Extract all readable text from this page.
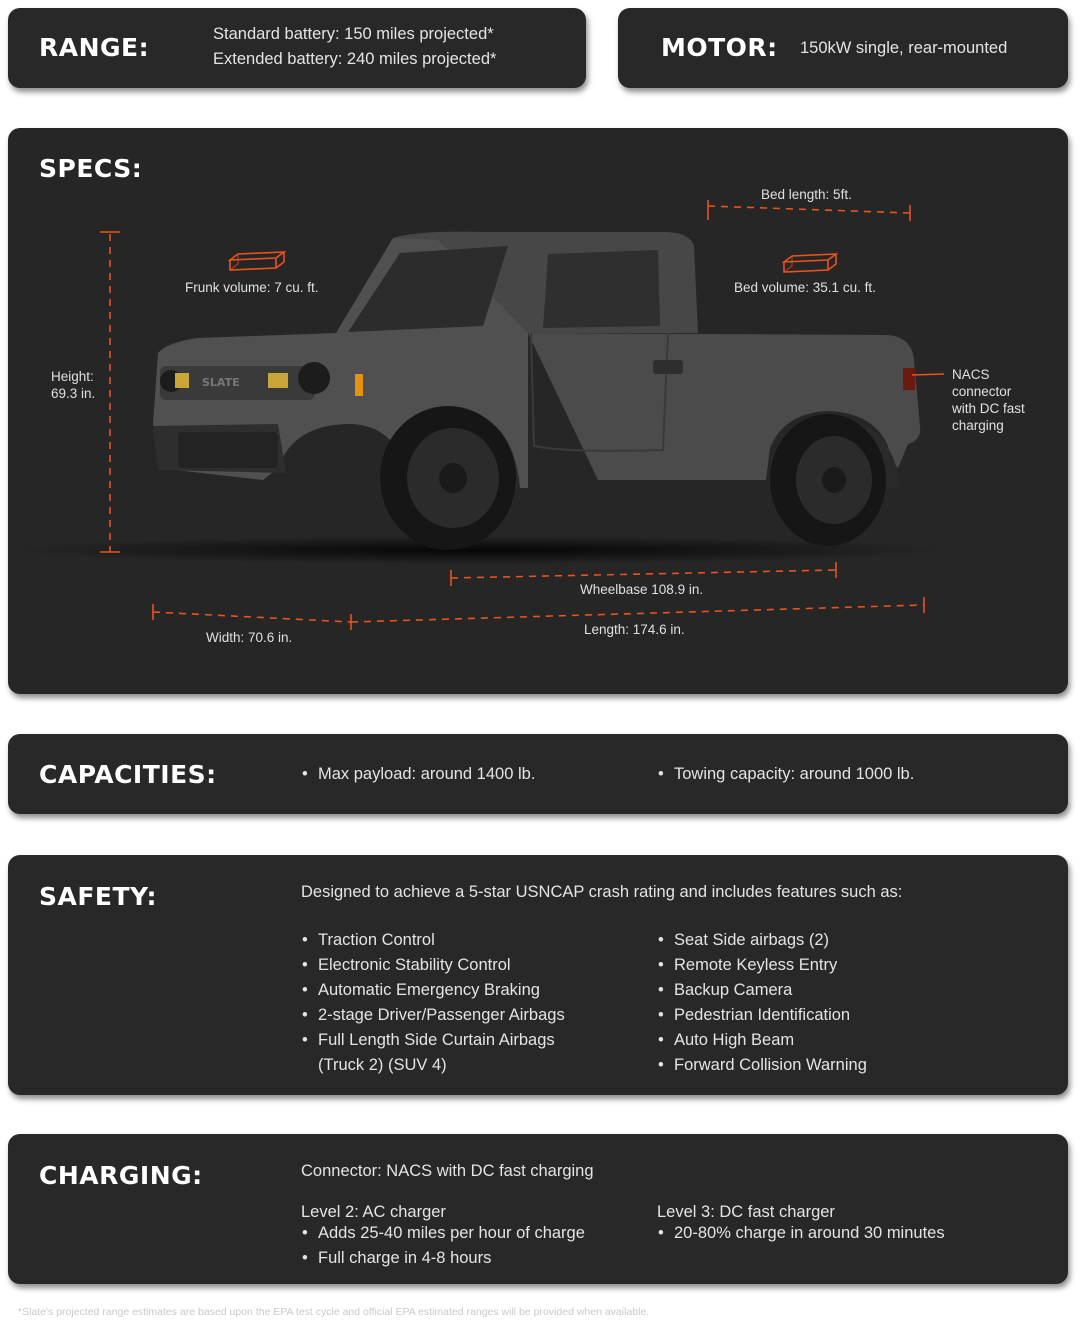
RANGE:	Standard battery: 150 miles projected*
Extended battery: 240 miles projected*	MOTOR: 150kW single, rear-mounted
SPECS:
SLATE
Bed length: 5ft.
Frunk volume: 7 cu. ft.	Bed volume: 35.1 cu. ft.
Height:
69.3 in.
NACS
connector
with DC fast
charging
Wheelbase 108.9 in.
Width: 70.6 in.
Length: 174.6 in.
CAPACITIES:	• Max payload: around 1400 lb.	• Towing capacity: around 1000 lb.
SAFETY:	Designed to achieve a 5-star USNCAP crash rating and includes features such as:
• Traction Control
• Electronic Stability Control
• Automatic Emergency Braking
• 2-stage Driver/Passenger Airbags
• Full Length Side Curtain Airbags
(Truck 2) (SUV 4)
• Seat Side airbags (2)
• Remote Keyless Entry
• Backup Camera
• Pedestrian Identification
• Auto High Beam
• Forward Collision Warning
CHARGING:	Connector: NACS with DC fast charging
Level 2: AC charger
• Adds 25-40 miles per hour of charge
• Full charge in 4-8 hours
Level 3: DC fast charger
• 20-80% charge in around 30 minutes
*Slate's projected range estimates are based upon the EPA test cycle and official EPA estimated ranges will be provided when available.
